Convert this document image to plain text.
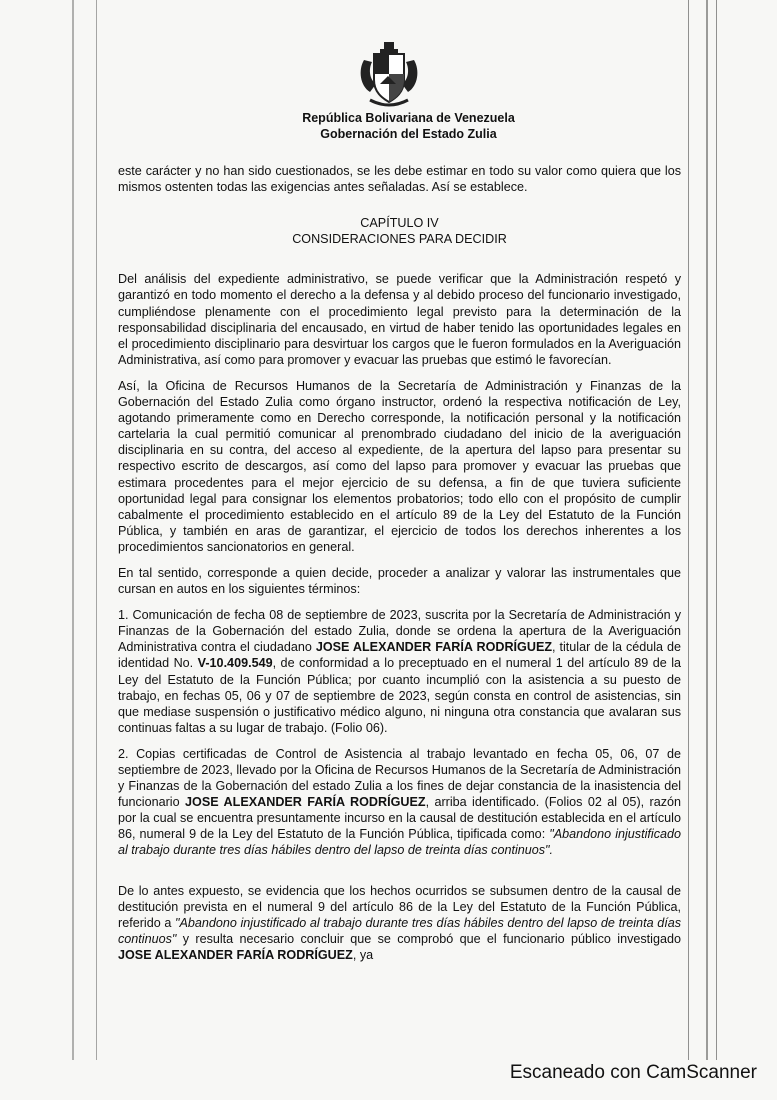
República Bolivariana de Venezuela
Gobernación del Estado Zulia

este carácter y no han sido cuestionados, se les debe estimar en todo su valor como quiera que los mismos ostenten todas las exigencias antes señaladas. Así se establece.

CAPÍTULO IV

CONSIDERACIONES PARA DECIDIR

Del análisis del expediente administrativo, se puede verificar que la Administración respetó y garantizó en todo momento el derecho a la defensa y al debido proceso del funcionario investigado, cumpliéndose plenamente con el procedimiento legal previsto para la determinación de la responsabilidad disciplinaria del encausado, en virtud de haber tenido las oportunidades legales en el procedimiento disciplinario para desvirtuar los cargos que le fueron formulados en la Averiguación Administrativa, así como para promover y evacuar las pruebas que estimó le favorecían.

Así, la Oficina de Recursos Humanos de la Secretaría de Administración y Finanzas de la Gobernación del Estado Zulia como órgano instructor, ordenó la respectiva notificación de Ley, agotando primeramente como en Derecho corresponde, la notificación personal y la notificación cartelaria la cual permitió comunicar al prenombrado ciudadano del inicio de la averiguación disciplinaria en su contra, del acceso al expediente, de la apertura del lapso para presentar su respectivo escrito de descargos, así como del lapso para promover y evacuar las pruebas que estimara procedentes para el mejor ejercicio de su defensa, a fin de que tuviera suficiente oportunidad legal para consignar los elementos probatorios; todo ello con el propósito de cumplir cabalmente el procedimiento establecido en el artículo 89 de la Ley del Estatuto de la Función Pública, y también en aras de garantizar, el ejercicio de todos los derechos inherentes a los procedimientos sancionatorios en general.

En tal sentido, corresponde a quien decide, proceder a analizar y valorar las instrumentales que cursan en autos en los siguientes términos:

1. Comunicación de fecha 08 de septiembre de 2023, suscrita por la Secretaría de Administración y Finanzas de la Gobernación del estado Zulia, donde se ordena la apertura de la Averiguación Administrativa contra el ciudadano JOSE ALEXANDER FARÍA RODRÍGUEZ, titular de la cédula de identidad No. V-10.409.549, de conformidad a lo preceptuado en el numeral 1 del artículo 89 de la Ley del Estatuto de la Función Pública; por cuanto incumplió con la asistencia a su puesto de trabajo, en fechas 05, 06 y 07 de septiembre de 2023, según consta en control de asistencias, sin que mediase suspensión o justificativo médico alguno, ni ninguna otra constancia que avalaran sus continuas faltas a su lugar de trabajo. (Folio 06).

2. Copias certificadas de Control de Asistencia al trabajo levantado en fecha 05, 06, 07 de septiembre de 2023, llevado por la Oficina de Recursos Humanos de la Secretaría de Administración y Finanzas de la Gobernación del estado Zulia a los fines de dejar constancia de la inasistencia del funcionario JOSE ALEXANDER FARÍA RODRÍGUEZ, arriba identificado. (Folios 02 al 05), razón por la cual se encuentra presuntamente incurso en la causal de destitución establecida en el artículo 86, numeral 9 de la Ley del Estatuto de la Función Pública, tipificada como: "Abandono injustificado al trabajo durante tres días hábiles dentro del lapso de treinta días continuos".

De lo antes expuesto, se evidencia que los hechos ocurridos se subsumen dentro de la causal de destitución prevista en el numeral 9 del artículo 86 de la Ley del Estatuto de la Función Pública, referido a "Abandono injustificado al trabajo durante tres días hábiles dentro del lapso de treinta días continuos" y resulta necesario concluir que se comprobó que el funcionario público investigado JOSE ALEXANDER FARÍA RODRÍGUEZ, ya

Escaneado con CamScanner
